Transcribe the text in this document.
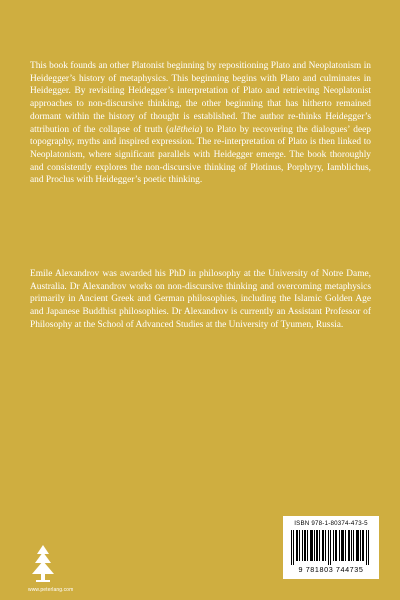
This book founds an other Platonist beginning by repositioning Plato and Neoplatonism in Heidegger’s history of metaphysics. This beginning begins with Plato and culminates in Heidegger. By revisiting Heidegger’s interpretation of Plato and retrieving Neoplatonist approaches to non-discursive thinking, the other beginning that has hitherto remained dormant within the history of thought is established. The author re-thinks Heidegger’s attribution of the collapse of truth (alētheia) to Plato by recovering the dialogues’ deep topography, myths and inspired expression. The re-interpretation of Plato is then linked to Neoplatonism, where significant parallels with Heidegger emerge. The book thoroughly and consistently explores the non-discursive thinking of Plotinus, Porphyry, Iamblichus, and Proclus with Heidegger’s poetic thinking.

Emile Alexandrov was awarded his PhD in philosophy at the University of Notre Dame, Australia. Dr Alexandrov works on non-discursive thinking and overcoming metaphysics primarily in Ancient Greek and German philosophies, including the Islamic Golden Age and Japanese Buddhist philosophies. Dr Alexandrov is currently an Assistant Professor of Philosophy at the School of Advanced Studies at the University of Tyumen, Russia.

www.peterlang.com
ISBN 978-1-80374-473-5
9 781803 744735
